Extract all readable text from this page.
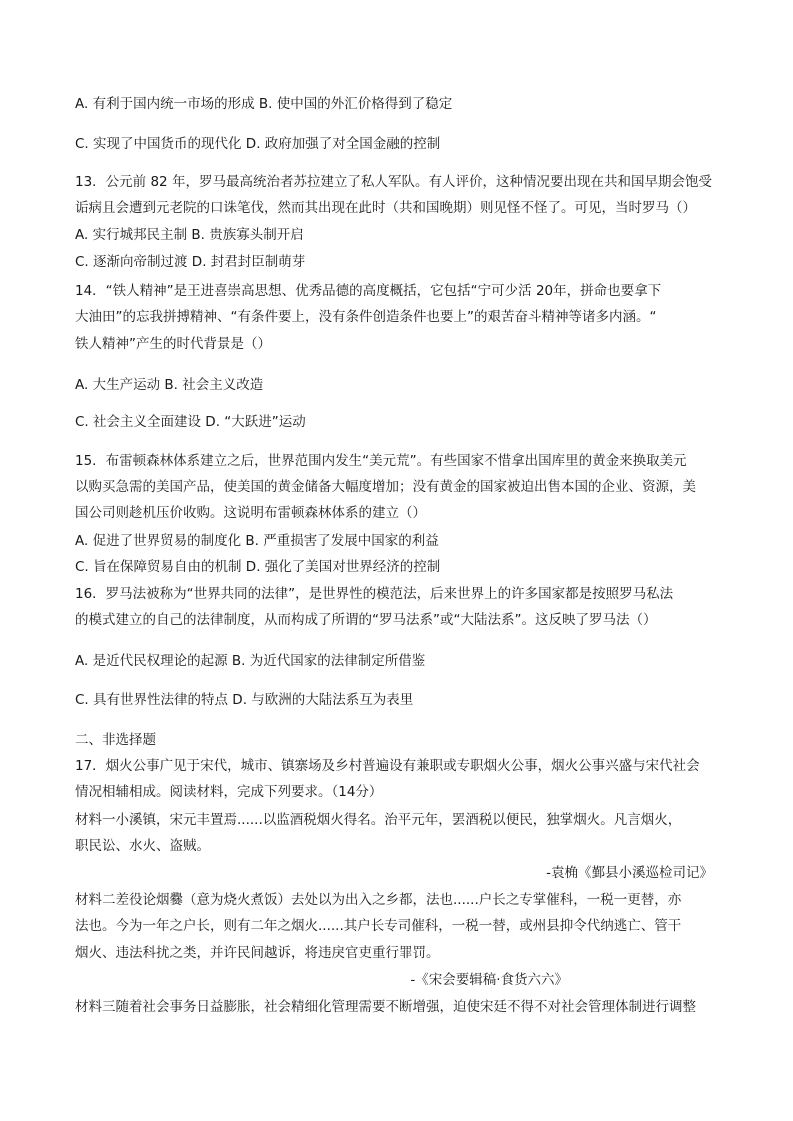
A. 有利于国内统一市场的形成 B. 使中国的外汇价格得到了稳定
C. 实现了中国货币的现代化 D. 政府加强了对全国金融的控制
13．公元前 82 年，罗马最高统治者苏拉建立了私人军队。有人评价，这种情况要出现在共和国早期会饱受
诟病且会遭到元老院的口诛笔伐，然而其出现在此时（共和国晚期）则见怪不怪了。可见，当时罗马（）
A. 实行城邦民主制 B. 贵族寡头制开启
C. 逐渐向帝制过渡 D. 封君封臣制萌芽
14．“铁人精神”是王进喜崇高思想、优秀品德的高度概括，它包括“宁可少活 20年，拼命也要拿下
大油田”的忘我拼搏精神、“有条件要上，没有条件创造条件也要上”的艰苦奋斗精神等诸多内涵。“
铁人精神”产生的时代背景是（）
A. 大生产运动 B. 社会主义改造
C. 社会主义全面建设 D. “大跃进”运动
15．布雷顿森林体系建立之后，世界范围内发生“美元荒”。有些国家不惜拿出国库里的黄金来换取美元
以购买急需的美国产品，使美国的黄金储备大幅度增加；没有黄金的国家被迫出售本国的企业、资源，美
国公司则趁机压价收购。这说明布雷顿森林体系的建立（）
A. 促进了世界贸易的制度化 B. 严重损害了发展中国家的利益
C. 旨在保障贸易自由的机制 D. 强化了美国对世界经济的控制
16．罗马法被称为“世界共同的法律”，是世界性的模范法，后来世界上的许多国家都是按照罗马私法
的模式建立的自己的法律制度，从而构成了所谓的“罗马法系”或“大陆法系”。这反映了罗马法（）
A. 是近代民权理论的起源 B. 为近代国家的法律制定所借鉴
C. 具有世界性法律的特点 D. 与欧洲的大陆法系互为表里
二、非选择题
17．烟火公事广见于宋代，城市、镇寨场及乡村普遍设有兼职或专职烟火公事，烟火公事兴盛与宋代社会
情况相辅相成。阅读材料，完成下列要求。（14分）
材料一小溪镇，宋元丰置焉......以监酒税烟火得名。治平元年，罢酒税以便民，独掌烟火。凡言烟火，
职民讼、水火、盗贼。
-袁桷《鄞县小溪巡检司记》
材料二差役论烟爨（意为烧火煮饭）去处以为出入之乡都，法也......户长之专掌催科，一税一更替，亦
法也。今为一年之户长，则有二年之烟火......其户长专司催科，一税一替，或州县抑令代纳逃亡、管干
烟火、违法科扰之类，并许民间越诉，将违戾官吏重行罪罚。
-《宋会要辑稿·食货六六》
材料三随着社会事务日益膨胀，社会精细化管理需要不断增强，迫使宋廷不得不对社会管理体制进行调整
